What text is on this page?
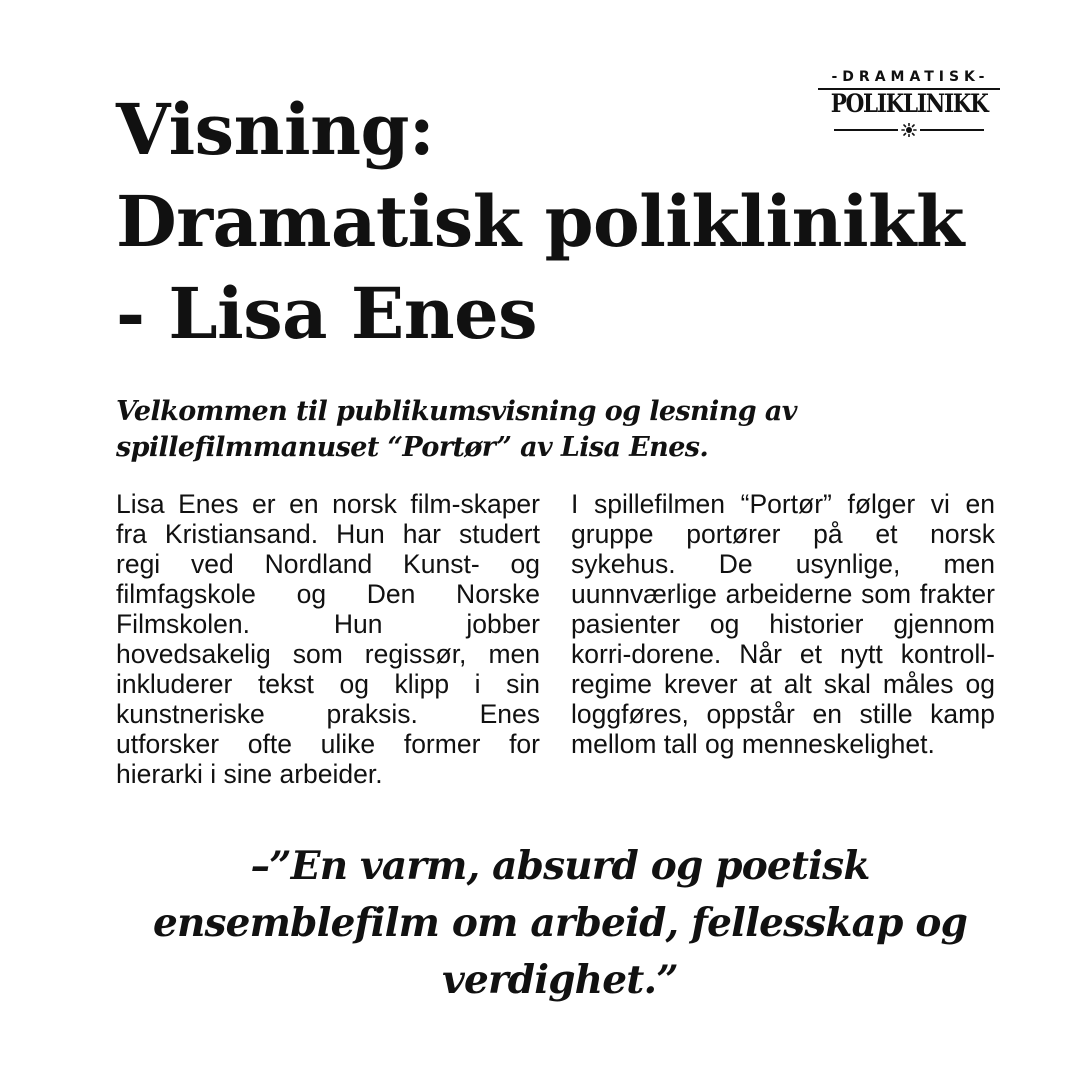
-DRAMATISK-
POLIKLINIKK
Visning:
Dramatisk poliklinikk
- Lisa Enes

Velkommen til publikumsvisning og lesning av
spillefilmmanuset “Portør” av Lisa Enes.

Lisa Enes er en norsk film-skaper fra Kristiansand. Hun har studert regi ved Nordland Kunst- og filmfagskole og Den Norske Filmskolen. Hun jobber hovedsakelig som regissør, men inkluderer tekst og klipp i sin kunstneriske praksis. Enes utforsker ofte ulike former for hierarki i sine arbeider.

I spillefilmen “Portør” følger vi en gruppe portører på et norsk sykehus. De usynlige, men uunnværlige arbeiderne som frakter pasienter og historier gjennom korri-dorene. Når et nytt kontroll-regime krever at alt skal måles og loggføres, oppstår en stille kamp mellom tall og menneskelighet.

–”En varm, absurd og poetisk
ensemblefilm om arbeid, fellesskap og
verdighet.”
